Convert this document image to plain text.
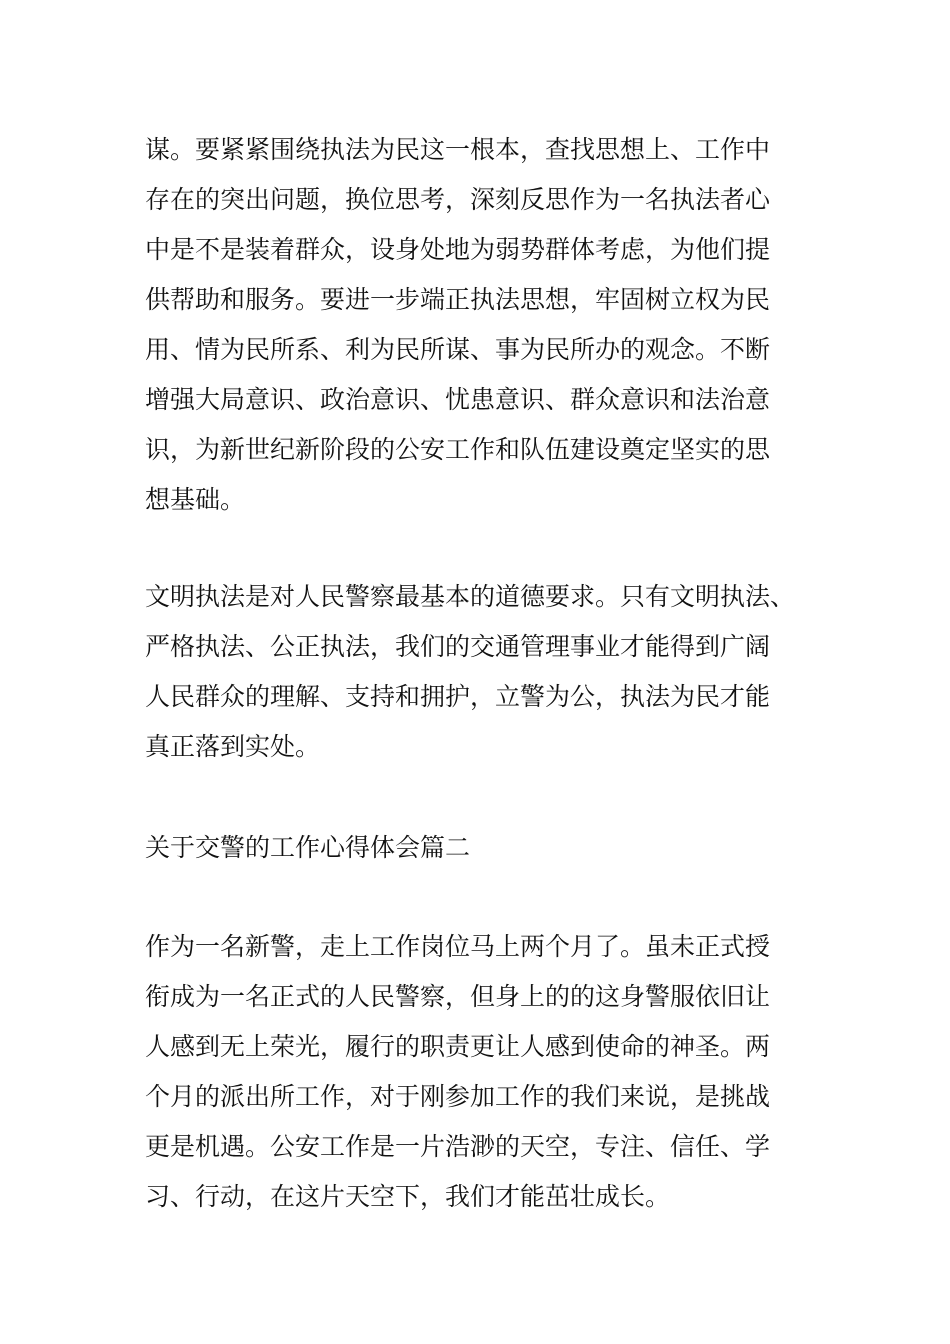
谋。要紧紧围绕执法为民这一根本，查找思想上、工作中
存在的突出问题，换位思考，深刻反思作为一名执法者心
中是不是装着群众，设身处地为弱势群体考虑，为他们提
供帮助和服务。要进一步端正执法思想，牢固树立权为民
用、情为民所系、利为民所谋、事为民所办的观念。不断
增强大局意识、政治意识、忧患意识、群众意识和法治意
识，为新世纪新阶段的公安工作和队伍建设奠定坚实的思
想基础。
文明执法是对人民警察最基本的道德要求。只有文明执法、
严格执法、公正执法，我们的交通管理事业才能得到广阔
人民群众的理解、支持和拥护，立警为公，执法为民才能
真正落到实处。
关于交警的工作心得体会篇二
作为一名新警，走上工作岗位马上两个月了。虽未正式授
衔成为一名正式的人民警察，但身上的的这身警服依旧让
人感到无上荣光，履行的职责更让人感到使命的神圣。两
个月的派出所工作，对于刚参加工作的我们来说，是挑战
更是机遇。公安工作是一片浩渺的天空，专注、信任、学
习、行动，在这片天空下，我们才能茁壮成长。
